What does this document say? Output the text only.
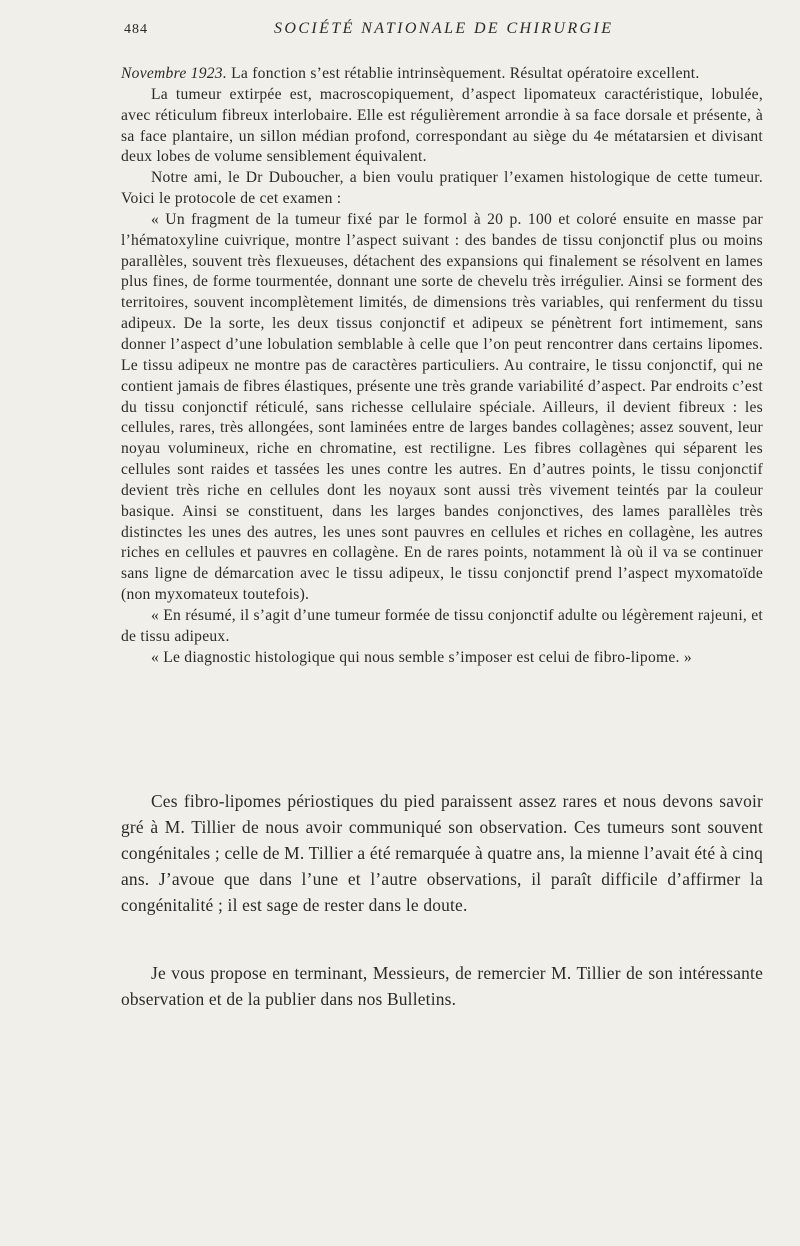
484	SOCIÉTÉ NATIONALE DE CHIRURGIE

Novembre 1923. La fonction s’est rétablie intrinsèquement. Résultat opératoire excellent.

La tumeur extirpée est, macroscopiquement, d’aspect lipomateux caractéristique, lobulée, avec réticulum fibreux interlobaire. Elle est régulièrement arrondie à sa face dorsale et présente, à sa face plantaire, un sillon médian profond, correspondant au siège du 4e métatarsien et divisant deux lobes de volume sensiblement équivalent.

Notre ami, le Dr Duboucher, a bien voulu pratiquer l’examen histologique de cette tumeur. Voici le protocole de cet examen :

« Un fragment de la tumeur fixé par le formol à 20 p. 100 et coloré ensuite en masse par l’hématoxyline cuivrique, montre l’aspect suivant : des bandes de tissu conjonctif plus ou moins parallèles, souvent très flexueuses, détachent des expansions qui finalement se résolvent en lames plus fines, de forme tourmentée, donnant une sorte de chevelu très irrégulier. Ainsi se forment des territoires, souvent incomplètement limités, de dimensions très variables, qui renferment du tissu adipeux. De la sorte, les deux tissus conjonctif et adipeux se pénètrent fort intimement, sans donner l’aspect d’une lobulation semblable à celle que l’on peut rencontrer dans certains lipomes. Le tissu adipeux ne montre pas de caractères particuliers. Au contraire, le tissu conjonctif, qui ne contient jamais de fibres élastiques, présente une très grande variabilité d’aspect. Par endroits c’est du tissu conjonctif réticulé, sans richesse cellulaire spéciale. Ailleurs, il devient fibreux : les cellules, rares, très allongées, sont laminées entre de larges bandes collagènes; assez souvent, leur noyau volumineux, riche en chromatine, est rectiligne. Les fibres collagènes qui séparent les cellules sont raides et tassées les unes contre les autres. En d’autres points, le tissu conjonctif devient très riche en cellules dont les noyaux sont aussi très vivement teintés par la couleur basique. Ainsi se constituent, dans les larges bandes conjonctives, des lames parallèles très distinctes les unes des autres, les unes sont pauvres en cellules et riches en collagène, les autres riches en cellules et pauvres en collagène. En de rares points, notamment là où il va se continuer sans ligne de démarcation avec le tissu adipeux, le tissu conjonctif prend l’aspect myxomatoïde (non myxomateux toutefois).

« En résumé, il s’agit d’une tumeur formée de tissu conjonctif adulte ou légèrement rajeuni, et de tissu adipeux.

« Le diagnostic histologique qui nous semble s’imposer est celui de fibro-lipome. »

Ces fibro-lipomes périostiques du pied paraissent assez rares et nous devons savoir gré à M. Tillier de nous avoir communiqué son observation. Ces tumeurs sont souvent congénitales ; celle de M. Tillier a été remarquée à quatre ans, la mienne l’avait été à cinq ans. J’avoue que dans l’une et l’autre observations, il paraît difficile d’affirmer la congénitalité ; il est sage de rester dans le doute.

Je vous propose en terminant, Messieurs, de remercier M. Tillier de son intéressante observation et de la publier dans nos Bulletins.
